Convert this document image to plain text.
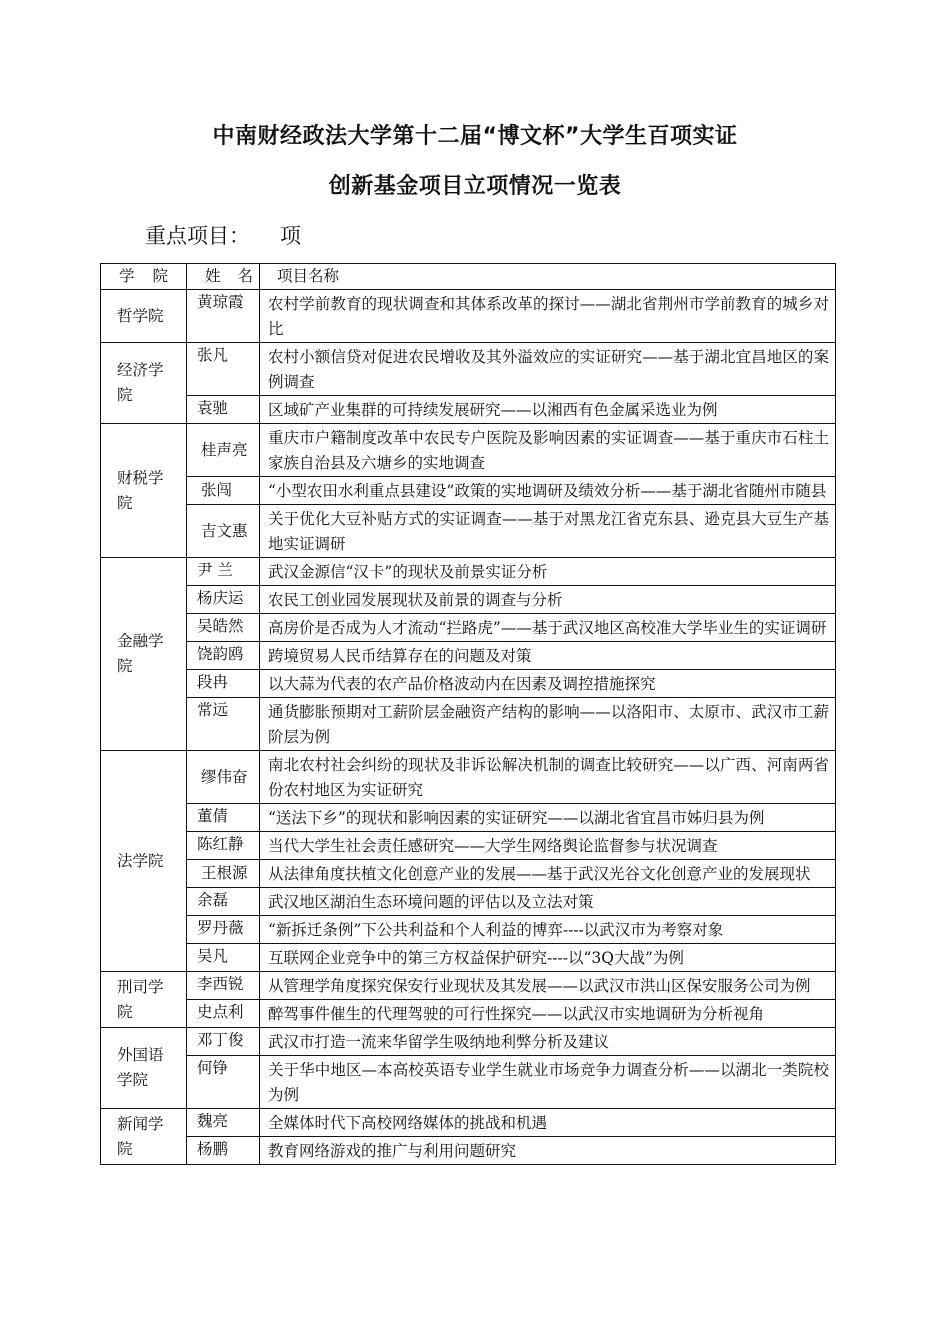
中南财经政法大学第十二届“博文杯”大学生百项实证
创新基金项目立项情况一览表
重点项目： 项
学 院	姓 名	项目名称

哲学院	黄琼霞	农村学前教育的现状调查和其体系改革的探讨——湖北省荆州市学前教育的城乡对比

经济学院	张凡	农村小额信贷对促进农民增收及其外溢效应的实证研究——基于湖北宜昌地区的案例调查
	袁驰	区域矿产业集群的可持续发展研究——以湘西有色金属采选业为例

财税学院	桂声亮	重庆市户籍制度改革中农民专户医院及影响因素的实证调查——基于重庆市石柱土家族自治县及六塘乡的实地调查
	张闯	“小型农田水利重点县建设”政策的实地调研及绩效分析——基于湖北省随州市随县
	吉文惠	关于优化大豆补贴方式的实证调查——基于对黑龙江省克东县、逊克县大豆生产基地实证调研

金融学院	尹 兰	武汉金源信“汉卡”的现状及前景实证分析
	杨庆运	农民工创业园发展现状及前景的调查与分析
	吴皓然	高房价是否成为人才流动“拦路虎”——基于武汉地区高校准大学毕业生的实证调研
	饶韵鸥	跨境贸易人民币结算存在的问题及对策
	段冉	以大蒜为代表的农产品价格波动内在因素及调控措施探究
	常远	通货膨胀预期对工薪阶层金融资产结构的影响——以洛阳市、太原市、武汉市工薪阶层为例

法学院	缪伟奋	南北农村社会纠纷的现状及非诉讼解决机制的调查比较研究——以广西、河南两省份农村地区为实证研究
	董倩	“送法下乡”的现状和影响因素的实证研究——以湖北省宜昌市姊归县为例
	陈红静	当代大学生社会责任感研究——大学生网络舆论监督参与状况调查
	王根源	从法律角度扶植文化创意产业的发展——基于武汉光谷文化创意产业的发展现状
	余磊	武汉地区湖泊生态环境问题的评估以及立法对策
	罗丹薇	“新拆迁条例”下公共利益和个人利益的博弈----以武汉市为考察对象
	吴凡	互联网企业竞争中的第三方权益保护研究----以“3Q大战”为例

刑司学院	李西锐	从管理学角度探究保安行业现状及其发展——以武汉市洪山区保安服务公司为例
	史点利	醉驾事件催生的代理驾驶的可行性探究——以武汉市实地调研为分析视角

外国语学院	邓丁俊	武汉市打造一流来华留学生吸纳地利弊分析及建议
	何铮	关于华中地区—本高校英语专业学生就业市场竞争力调查分析——以湖北一类院校为例

新闻学院	魏亮	全媒体时代下高校网络媒体的挑战和机遇
	杨鹏	教育网络游戏的推广与利用问题研究
